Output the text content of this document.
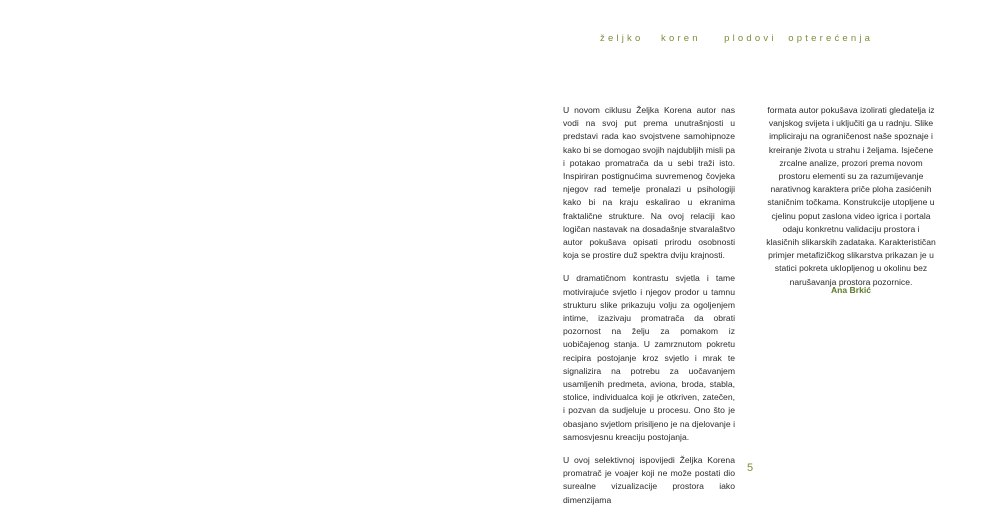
željko   koren    plodovi  opterećenja

U novom ciklusu Željka Korena autor nas vodi na svoj put prema unutrašnjosti u predstavi rada kao svojstvene samohipnoze kako bi se domogao svojih najdubljih misli pa i potakao promatrača da u sebi traži isto. Inspiriran postignućima suvremenog čovjeka njegov rad temelje pronalazi u psihologiji kako bi na kraju eskalirao u ekranima fraktalične strukture. Na ovoj relaciji kao logičan nastavak na dosadašnje stvaralaštvo autor pokušava opisati prirodu osobnosti koja se prostire duž spektra dviju krajnosti.

U dramatičnom kontrastu svjetla i tame motivirajuće svjetlo i njegov prodor u tamnu strukturu slike prikazuju volju za ogoljenjem intime, izazivaju promatrača da obrati pozornost na želju za pomakom iz uobičajenog stanja. U zamrznutom pokretu recipira postojanje kroz svjetlo i mrak te signalizira na potrebu za uočavanjem usamljenih predmeta, aviona, broda, stabla, stolice, individualca koji je otkriven, zatečen, i pozvan da sudjeluje u procesu. Ono što je obasjano svjetlom prisiljeno je na djelovanje i samosvjesnu kreaciju postojanja.

U ovoj selektivnoj ispovijedi Željka Korena promatrač je voajer koji ne može postati dio surealne vizualizacije prostora iako dimenzijama

formata autor pokušava izolirati gledatelja iz vanjskog svijeta i uključiti ga u radnju. Slike impliciraju na ograničenost naše spoznaje i kreiranje života u strahu i željama. Isječene zrcalne analize, prozori prema novom prostoru elementi su za razumijevanje narativnog karaktera priče ploha zasićenih staničnim točkama. Konstrukcije utopljene u cjelinu poput zaslona video igrica i portala odaju konkretnu validaciju prostora i klasičnih slikarskih zadataka. Karakterističan primjer metafizičkog slikarstva prikazan je u statici pokreta ukIopljenog u okolinu bez narušavanja prostora pozornice.

Ana Brkić
5
